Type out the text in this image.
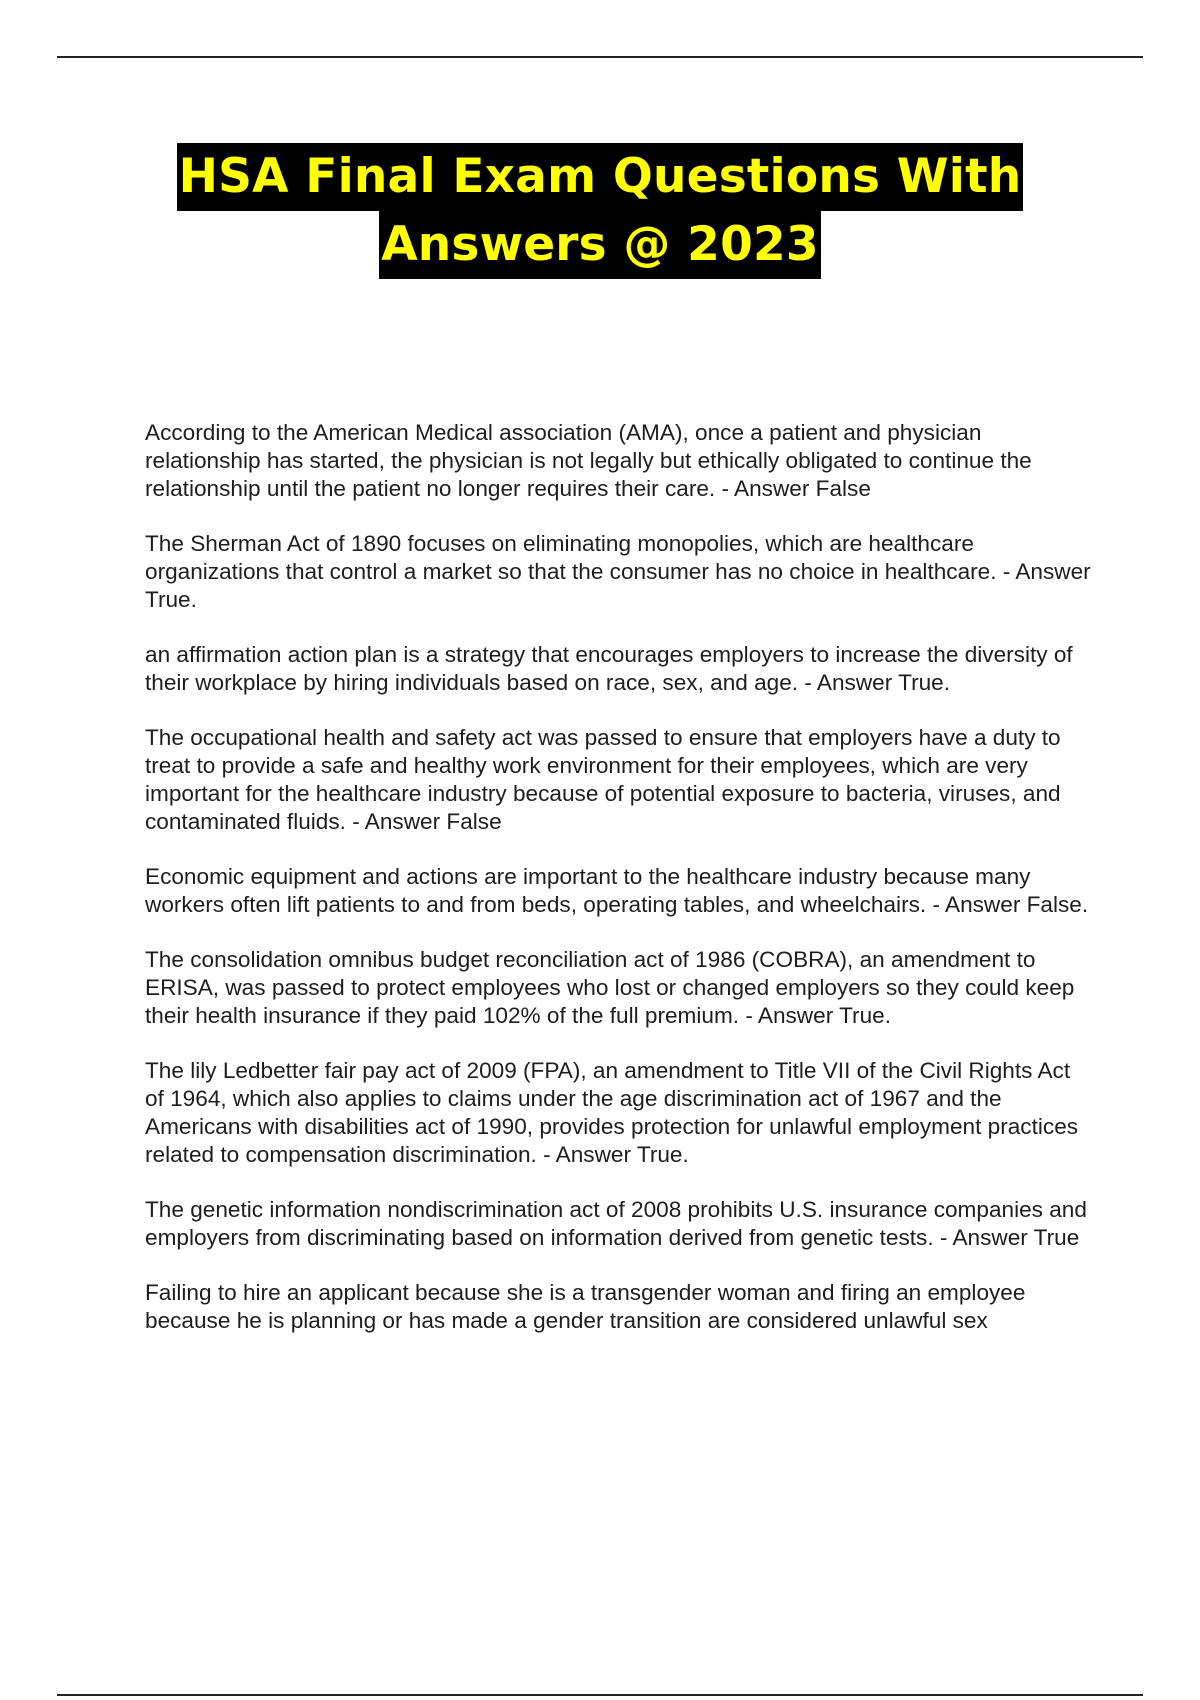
HSA Final Exam Questions With
Answers @ 2023

According to the American Medical association (AMA), once a patient and physician relationship has started, the physician is not legally but ethically obligated to continue the relationship until the patient no longer requires their care. - Answer False

The Sherman Act of 1890 focuses on eliminating monopolies, which are healthcare organizations that control a market so that the consumer has no choice in healthcare. - Answer True.

an affirmation action plan is a strategy that encourages employers to increase the diversity of their workplace by hiring individuals based on race, sex, and age. - Answer True.

The occupational health and safety act was passed to ensure that employers have a duty to treat to provide a safe and healthy work environment for their employees, which are very important for the healthcare industry because of potential exposure to bacteria, viruses, and contaminated fluids. - Answer False

Economic equipment and actions are important to the healthcare industry because many workers often lift patients to and from beds, operating tables, and wheelchairs. - Answer False.

The consolidation omnibus budget reconciliation act of 1986 (COBRA), an amendment to ERISA, was passed to protect employees who lost or changed employers so they could keep their health insurance if they paid 102% of the full premium. - Answer True.

The lily Ledbetter fair pay act of 2009 (FPA), an amendment to Title VII of the Civil Rights Act of 1964, which also applies to claims under the age discrimination act of 1967 and the Americans with disabilities act of 1990, provides protection for unlawful employment practices related to compensation discrimination. - Answer True.

The genetic information nondiscrimination act of 2008 prohibits U.S. insurance companies and employers from discriminating based on information derived from genetic tests. - Answer True

Failing to hire an applicant because she is a transgender woman and firing an employee because he is planning or has made a gender transition are considered unlawful sex
